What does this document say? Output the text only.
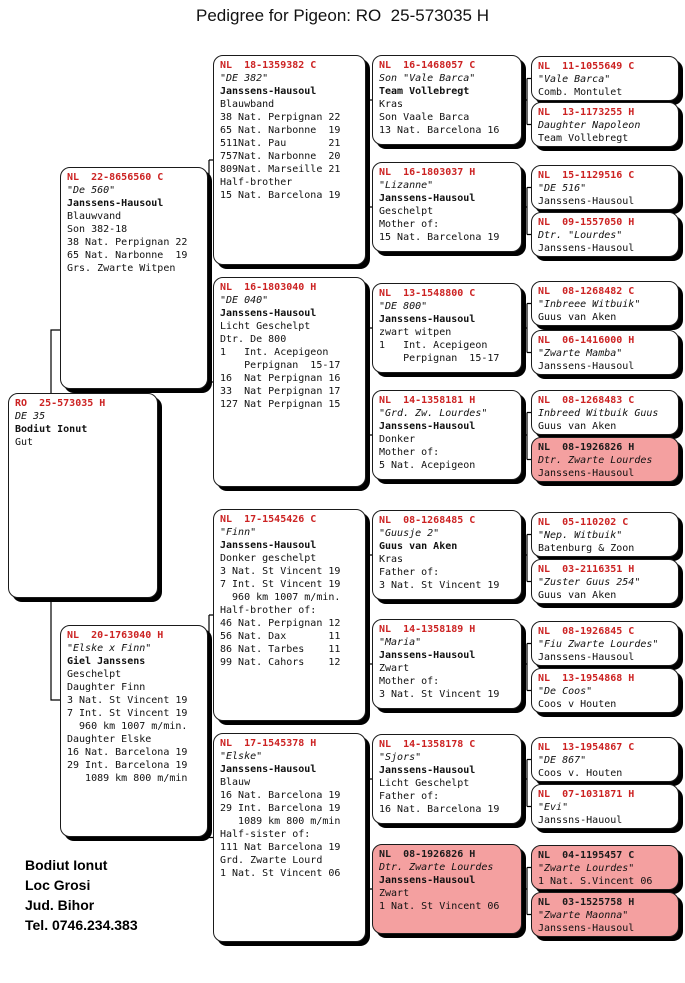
Pedigree for Pigeon: RO  25-573035 H
RO  25-573035 H
DE 35
Bodiut Ionut
Gut
NL  22-8656560 C
"De 560"
Janssens-Hausoul
Blauwvand
Son 382-18
38 Nat. Perpignan 22
65 Nat. Narbonne  19
Grs. Zwarte Witpen
NL  20-1763040 H
"Elske x Finn"
Giel Janssens
Geschelpt
Daughter Finn
3 Nat. St Vincent 19
7 Int. St Vincent 19
960 km 1007 m/min.
Daughter Elske
16 Nat. Barcelona 19
29 Int. Barcelona 19
1089 km 800 m/min
NL  18-1359382 C
"DE 382"
Janssens-Hausoul
Blauwband
38 Nat. Perpignan 22
65 Nat. Narbonne  19
511Nat. Pau       21
757Nat. Narbonne  20
809Nat. Marseille 21
Half-brother
15 Nat. Barcelona 19
NL  16-1803040 H
"DE 040"
Janssens-Hausoul
Licht Geschelpt
Dtr. De 800
1   Int. Acepigeon
Perpignan  15-17
16  Nat Perpignan 16
33  Nat Perpignan 17
127 Nat Perpignan 15
NL  17-1545426 C
"Finn"
Janssens-Hausoul
Donker geschelpt
3 Nat. St Vincent 19
7 Int. St Vincent 19
960 km 1007 m/min.
Half-brother of:
46 Nat. Perpignan 12
56 Nat. Dax       11
86 Nat. Tarbes    11
99 Nat. Cahors    12
NL  17-1545378 H
"Elske"
Janssens-Hausoul
Blauw
16 Nat. Barcelona 19
29 Int. Barcelona 19
1089 km 800 m/min
Half-sister of:
111 Nat Barcelona 19
Grd. Zwarte Lourd
1 Nat. St Vincent 06
NL  16-1468057 C
Son "Vale Barca"
Team Vollebregt
Kras
Son Vaale Barca
13 Nat. Barcelona 16
NL  16-1803037 H
"Lizanne"
Janssens-Hausoul
Geschelpt
Mother of:
15 Nat. Barcelona 19
NL  13-1548800 C
"DE 800"
Janssens-Hausoul
zwart witpen
1   Int. Acepigeon
Perpignan  15-17
NL  14-1358181 H
"Grd. Zw. Lourdes"
Janssens-Hausoul
Donker
Mother of:
5 Nat. Acepigeon
NL  08-1268485 C
"Guusje 2"
Guus van Aken
Kras
Father of:
3 Nat. St Vincent 19
NL  14-1358189 H
"Maria"
Janssens-Hausoul
Zwart
Mother of:
3 Nat. St Vincent 19
NL  14-1358178 C
"Sjors"
Janssens-Hausoul
Licht Geschelpt
Father of:
16 Nat. Barcelona 19
NL  08-1926826 H
Dtr. Zwarte Lourdes
Janssens-Hausoul
Zwart
1 Nat. St Vincent 06
NL  11-1055649 C
"Vale Barca"
Comb. Montulet
NL  13-1173255 H
Daughter Napoleon
Team Vollebregt
NL  15-1129516 C
"DE 516"
Janssens-Hausoul
NL  09-1557050 H
Dtr. "Lourdes"
Janssens-Hausoul
NL  08-1268482 C
"Inbreee Witbuik"
Guus van Aken
NL  06-1416000 H
"Zwarte Mamba"
Janssens-Hausoul
NL  08-1268483 C
Inbreed Witbuik Guus
Guus van Aken
NL  08-1926826 H
Dtr. Zwarte Lourdes
Janssens-Hausoul
NL  05-110202 C
"Nep. Witbuik"
Batenburg & Zoon
NL  03-2116351 H
"Zuster Guus 254"
Guus van Aken
NL  08-1926845 C
"Fiu Zwarte Lourdes"
Janssens-Hausoul
NL  13-1954868 H
"De Coos"
Coos v Houten
NL  13-1954867 C
"DE 867"
Coos v. Houten
NL  07-1031871 H
"Evi"
Janssns-Hauoul
NL  04-1195457 C
"Zwarte Lourdes"
1 Nat. S.Vincent 06
NL  03-1525758 H
"Zwarte Maonna"
Janssens-Hausoul
Bodiut Ionut
Loc Grosi
Jud. Bihor
Tel. 0746.234.383
